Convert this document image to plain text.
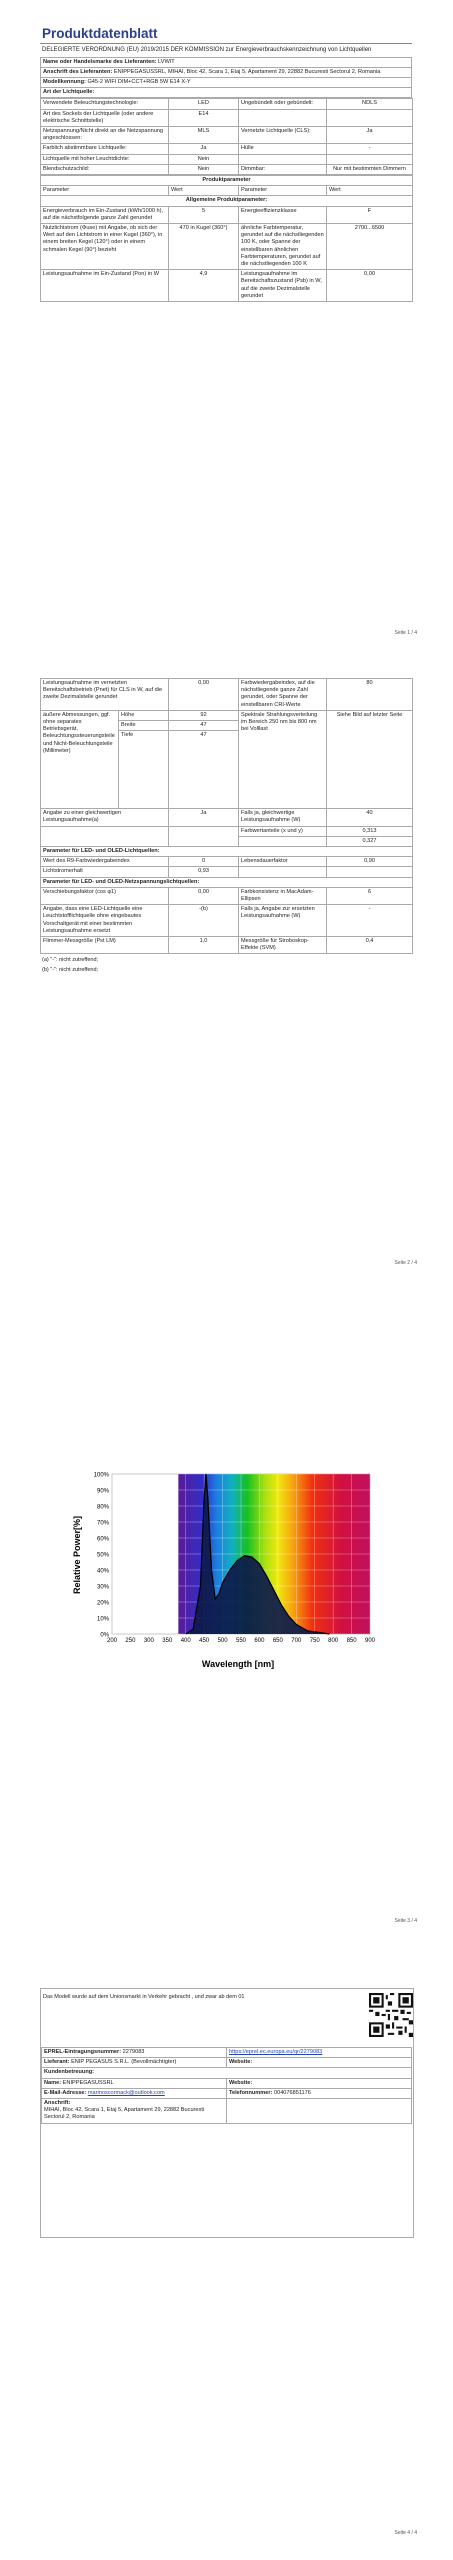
Produktdatenblatt
DELEGIERTE VERORDNUNG (EU) 2019/2015 DER KOMMISSION zur Energieverbrauchskennzeichnung von Lichtquellen
Name oder Handelsmarke des Lieferanten: LVWIT
Anschrift des Lieferanten: ENIPPEGASUSSRL, MIHAI, Bloc 42, Scara 1, Etaj 5, Apartament 29, 22882 Bucuresti Sectorul 2, Romania
Modellkennung: G45-2 WIFI DIM+CCT+RGB 5W E14 X-Y
Art der Lichtquelle:
Verwendete Beleuchtungstechnologie:	LED	Ungebündelt oder gebündelt:	NDLS
Art des Sockels der Lichtquelle (oder andere elektrische Schnittstelle)	E14		
Netzspannung/Nicht direkt an die Netzspannung angeschlossen:	MLS	Vernetzte Lichtquelle (CLS):	Ja
Farblich abstimmbare Lichtquelle:	Ja	Hülle	-
Lichtquelle mit hoher Leuchtdichte:	Nein		
Blendschutzschild:	Nein	Dimmbar:	Nur mit bestimmten Dimmern
Produktparameter			
Parameter	Wert	Parameter	Wert
Allgemeine Produktparameter:			
Energieverbrauch im Ein-Zustand (kWh/1000 h), auf die nächstfolgende ganze Zahl gerundet	5	Energieeffizienzklasse	F
Nutzlichtstrom (Φuse) mit Angabe, ob sich der Wert auf den Lichtstrom in einer Kugel (360°), in einem breiten Kegel (120°) oder in einem schmalen Kegel (90°) bezieht	470 in Kugel (360°)	ähnliche Farbtemperatur, gerundet auf die nächstliegenden 100 K, oder Spanne der einstellbaren ähnlichen Farbtemperaturen, gerundet auf die nächstliegenden 100 K	2700...6500
Leistungsaufnahme im Ein-Zustand (Pon) in W	4,9	Leistungsaufnahme im Bereitschaftszustand (Psb) in W, auf die zweite Dezimalstelle gerundet	0,00
Seite 1 / 4
Leistungsaufnahme im vernetzten Bereitschaftsbetrieb (Pnet) für CLS in W, auf die zweite Dezimalstelle gerundet		0,00	Farbwiedergabeindex, auf die nächstliegende ganze Zahl gerundet, oder Spanne der einstellbaren CRI-Werte	80
äußere Abmessungen, ggf. ohne separates Betriebsgerät, Beleuchtungssteuerungsteile und Nicht-Beleuchtungsteile (Millimeter)	Höhe	92	Spektrale Strahlungsverteilung im Bereich 250 nm bis 800 nm bei Volllast	Siehe Bild auf letzter Seite
	Breite	47		
	Tiefe	47		
Angabe zu einer gleichwertigen Leistungsaufnahme(a)		Ja	Falls ja, gleichwertige Leistungsaufnahme (W)	40
			Farbwertanteile (x und y)	0,313
				0,327
Parameter für LED- und OLED-Lichtquellen:				
Wert des R9-Farbwiedergabeindex		0	Lebensdauerfaktor	0,90
Lichtstromerhalt		0,93		
Parameter für LED- und OLED-Netzspannungslichtquellen:				
Verschiebungsfaktor (cos φ1)		0,00	Farbkonsistenz in MacAdam-Ellipsen	6
Angabe, dass eine LED-Lichtquelle eine Leuchtstofflichtquelle ohne eingebautes Vorschaltgerät mit einer bestimmten Leistungsaufnahme ersetzt		-(b)	Falls ja, Angabe zur ersetzten Leistungsaufnahme (W)	-
Flimmer-Messgröße (Pst LM)		1,0	Messgröße für Stroboskop-Effekte (SVM)	0,4
(a) "-": nicht zutreffend;
(b) "-": nicht zutreffend;
Seite 2 / 4
Relative Power[%]
Wavelength [nm]
0%
10%
20%
30%
40%
50%
60%
70%
80%
90%
100%
200 250 300 350 400 450 500 550 600 650 700 750 800 850 900
Seite 3 / 4
Das Modell wurde auf dem Unionsmarkt in Verkehr gebracht , und zwar ab dem 01
EPREL-Eintragungsnummer: 2279083	https://eprel.ec.europa.eu/qr/2279083
Lieferant: ENIP PEGASUS S.R.L. (Bevollmächtigter)	Website:
Kundenbetreuung:	
Name: ENIPPEGASUSSRL	Website:
E-Mail-Adresse: marinoscormack@outlook.com	Telefonnummer: 004076851176
Anschrift:
MIHAI, Bloc 42, Scara 1, Etaj 5, Apartament 29, 22882 Bucuresti Sectorul 2, Romania	
Seite 4 / 4
